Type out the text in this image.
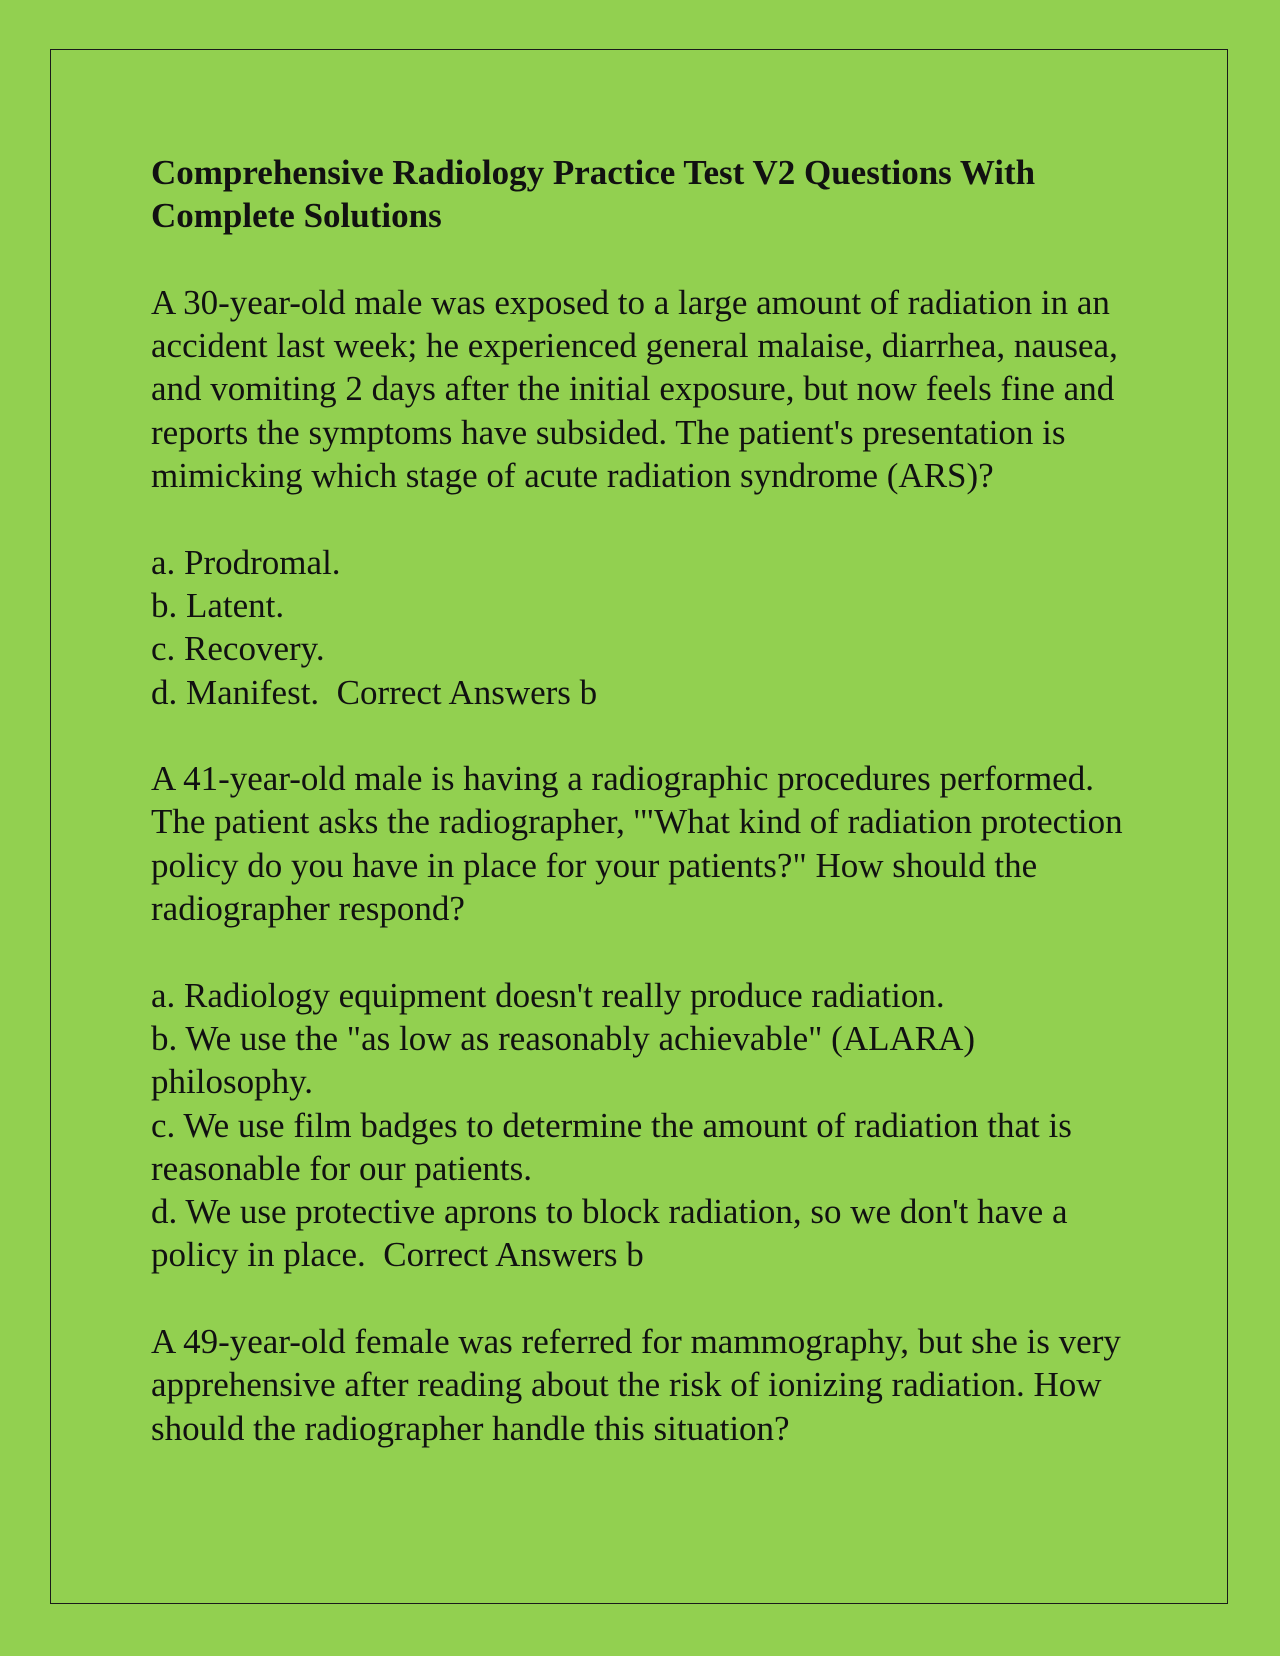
Comprehensive Radiology Practice Test V2 Questions With Complete Solutions

A 30-year-old male was exposed to a large amount of radiation in an accident last week; he experienced general malaise, diarrhea, nausea, and vomiting 2 days after the initial exposure, but now feels fine and reports the symptoms have subsided. The patient's presentation is mimicking which stage of acute radiation syndrome (ARS)?

a. Prodromal.
b. Latent.
c. Recovery.
d. Manifest. Correct Answers b

A 41-year-old male is having a radiographic procedures performed. The patient asks the radiographer, '"What kind of radiation protection policy do you have in place for your patients?" How should the radiographer respond?

a. Radiology equipment doesn't really produce radiation.
b. We use the "as low as reasonably achievable" (ALARA) philosophy.
c. We use film badges to determine the amount of radiation that is reasonable for our patients.
d. We use protective aprons to block radiation, so we don't have a policy in place. Correct Answers b

A 49-year-old female was referred for mammography, but she is very apprehensive after reading about the risk of ionizing radiation. How should the radiographer handle this situation?
